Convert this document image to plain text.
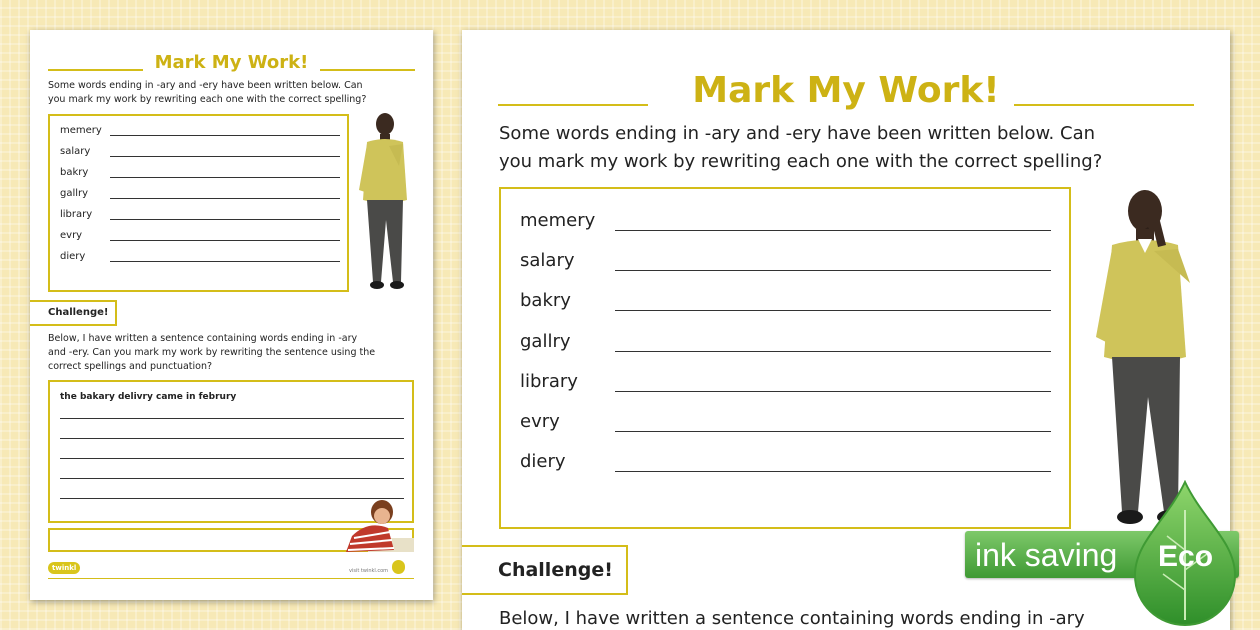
Mark My Work!
Some words ending in -ary and -ery have been written below. Can
you mark my work by rewriting each one with the correct spelling?
memery
salary
bakry
gallry
library
evry
diery
Challenge!
Below, I have written a sentence containing words ending in -ary
and -ery. Can you mark my work by rewriting the sentence using the
correct spellings and punctuation?
the bakary delivry came in februry
twinkl	visit twinkl.com

Mark My Work!
Some words ending in -ary and -ery have been written below. Can
you mark my work by rewriting each one with the correct spelling?
memery
salary
bakry
gallry
library
evry
diery
Challenge!
Below, I have written a sentence containing words ending in -ary
ink saving Eco
